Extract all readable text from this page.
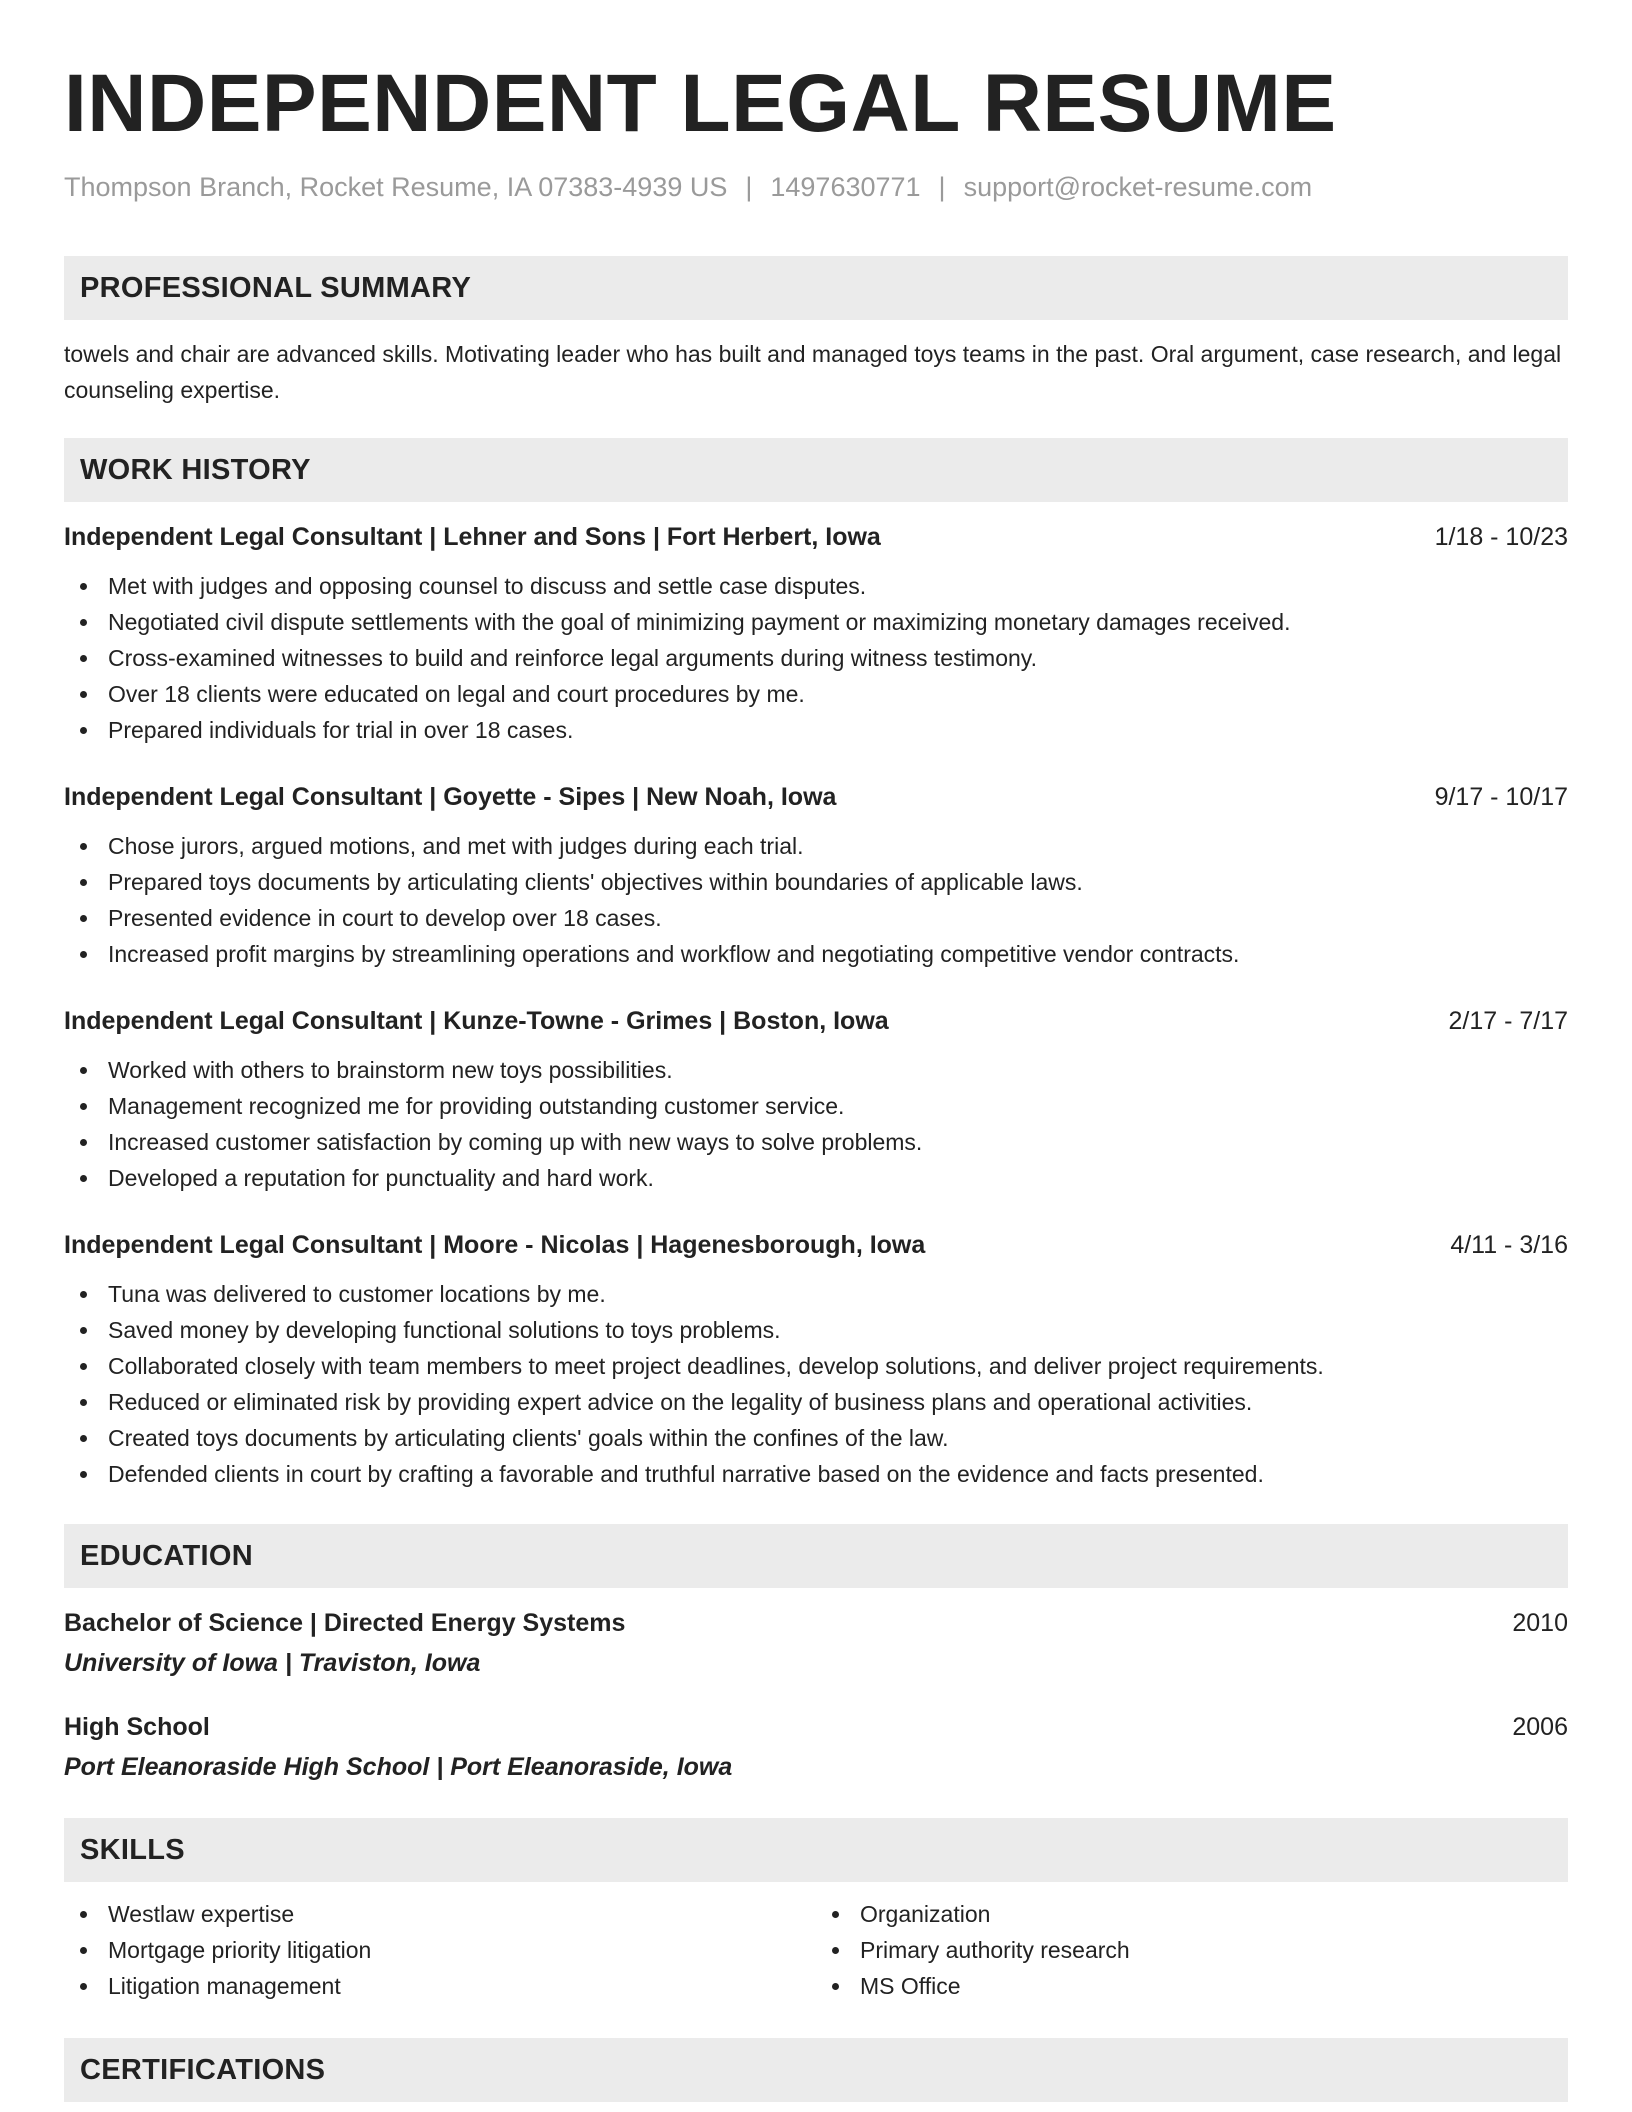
INDEPENDENT LEGAL RESUME
Thompson Branch, Rocket Resume, IA 07383-4939 US | 1497630771 | support@rocket-resume.com
PROFESSIONAL SUMMARY
towels and chair are advanced skills. Motivating leader who has built and managed toys teams in the past. Oral argument, case research, and legal counseling expertise.
WORK HISTORY
Independent Legal Consultant | Lehner and Sons | Fort Herbert, Iowa	1/18 - 10/23
Met with judges and opposing counsel to discuss and settle case disputes.
Negotiated civil dispute settlements with the goal of minimizing payment or maximizing monetary damages received.
Cross-examined witnesses to build and reinforce legal arguments during witness testimony.
Over 18 clients were educated on legal and court procedures by me.
Prepared individuals for trial in over 18 cases.
Independent Legal Consultant | Goyette - Sipes | New Noah, Iowa	9/17 - 10/17
Chose jurors, argued motions, and met with judges during each trial.
Prepared toys documents by articulating clients' objectives within boundaries of applicable laws.
Presented evidence in court to develop over 18 cases.
Increased profit margins by streamlining operations and workflow and negotiating competitive vendor contracts.
Independent Legal Consultant | Kunze-Towne - Grimes | Boston, Iowa	2/17 - 7/17
Worked with others to brainstorm new toys possibilities.
Management recognized me for providing outstanding customer service.
Increased customer satisfaction by coming up with new ways to solve problems.
Developed a reputation for punctuality and hard work.
Independent Legal Consultant | Moore - Nicolas | Hagenesborough, Iowa	4/11 - 3/16
Tuna was delivered to customer locations by me.
Saved money by developing functional solutions to toys problems.
Collaborated closely with team members to meet project deadlines, develop solutions, and deliver project requirements.
Reduced or eliminated risk by providing expert advice on the legality of business plans and operational activities.
Created toys documents by articulating clients' goals within the confines of the law.
Defended clients in court by crafting a favorable and truthful narrative based on the evidence and facts presented.
EDUCATION
Bachelor of Science | Directed Energy Systems	2010
University of Iowa | Traviston, Iowa
High School	2006
Port Eleanoraside High School | Port Eleanoraside, Iowa
SKILLS
Westlaw expertise
Mortgage priority litigation
Litigation management
Organization
Primary authority research
MS Office
CERTIFICATIONS
